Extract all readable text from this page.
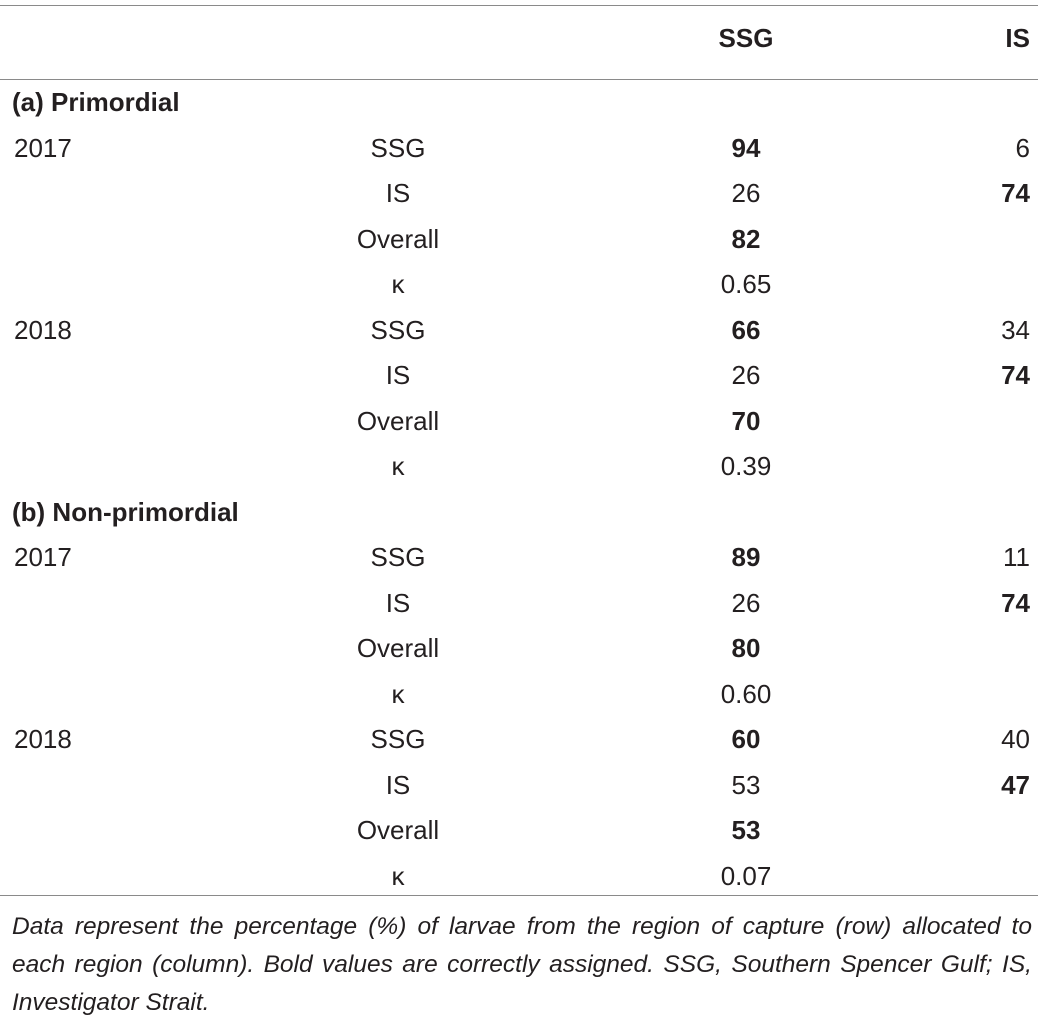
SSG	IS
(a) Primordial
2017	SSG	94	6
IS	26	74
Overall	82
κ	0.65
2018	SSG	66	34
IS	26	74
Overall	70
κ	0.39
(b) Non-primordial
2017	SSG	89	11
IS	26	74
Overall	80
κ	0.60
2018	SSG	60	40
IS	53	47
Overall	53
κ	0.07
Data represent the percentage (%) of larvae from the region of capture (row) allocated to each region (column). Bold values are correctly assigned. SSG, Southern Spencer Gulf; IS, Investigator Strait.
